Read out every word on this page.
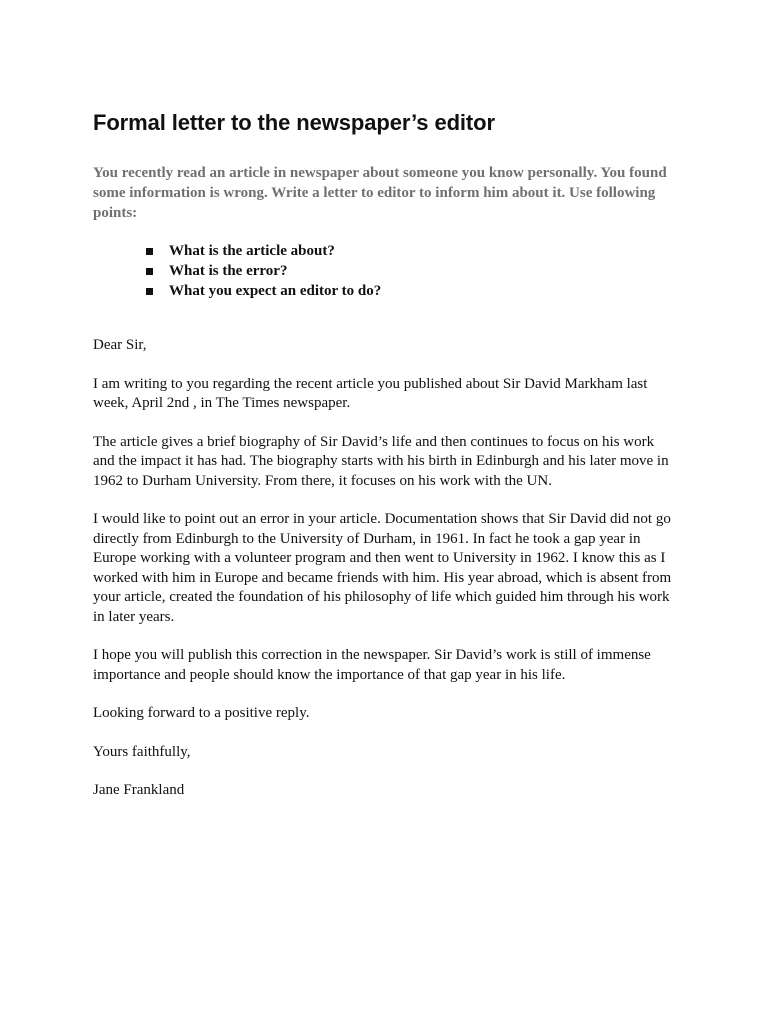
Formal letter to the newspaper’s editor

You recently read an article in newspaper about someone you know personally. You found some information is wrong. Write a letter to editor to inform him about it. Use following points:

What is the article about?
What is the error?
What you expect an editor to do?

Dear Sir,

I am writing to you regarding the recent article you published about Sir David Markham last week, April 2nd , in The Times newspaper.

The article gives a brief biography of Sir David’s life and then continues to focus on his work and the impact it has had. The biography starts with his birth in Edinburgh and his later move in 1962 to Durham University. From there, it focuses on his work with the UN.

I would like to point out an error in your article. Documentation shows that Sir David did not go directly from Edinburgh to the University of Durham, in 1961. In fact he took a gap year in Europe working with a volunteer program and then went to University in 1962. I know this as I worked with him in Europe and became friends with him. His year abroad, which is absent from your article, created the foundation of his philosophy of life which guided him through his work in later years.

I hope you will publish this correction in the newspaper. Sir David’s work is still of immense importance and people should know the importance of that gap year in his life.

Looking forward to a positive reply.

Yours faithfully,

Jane Frankland
